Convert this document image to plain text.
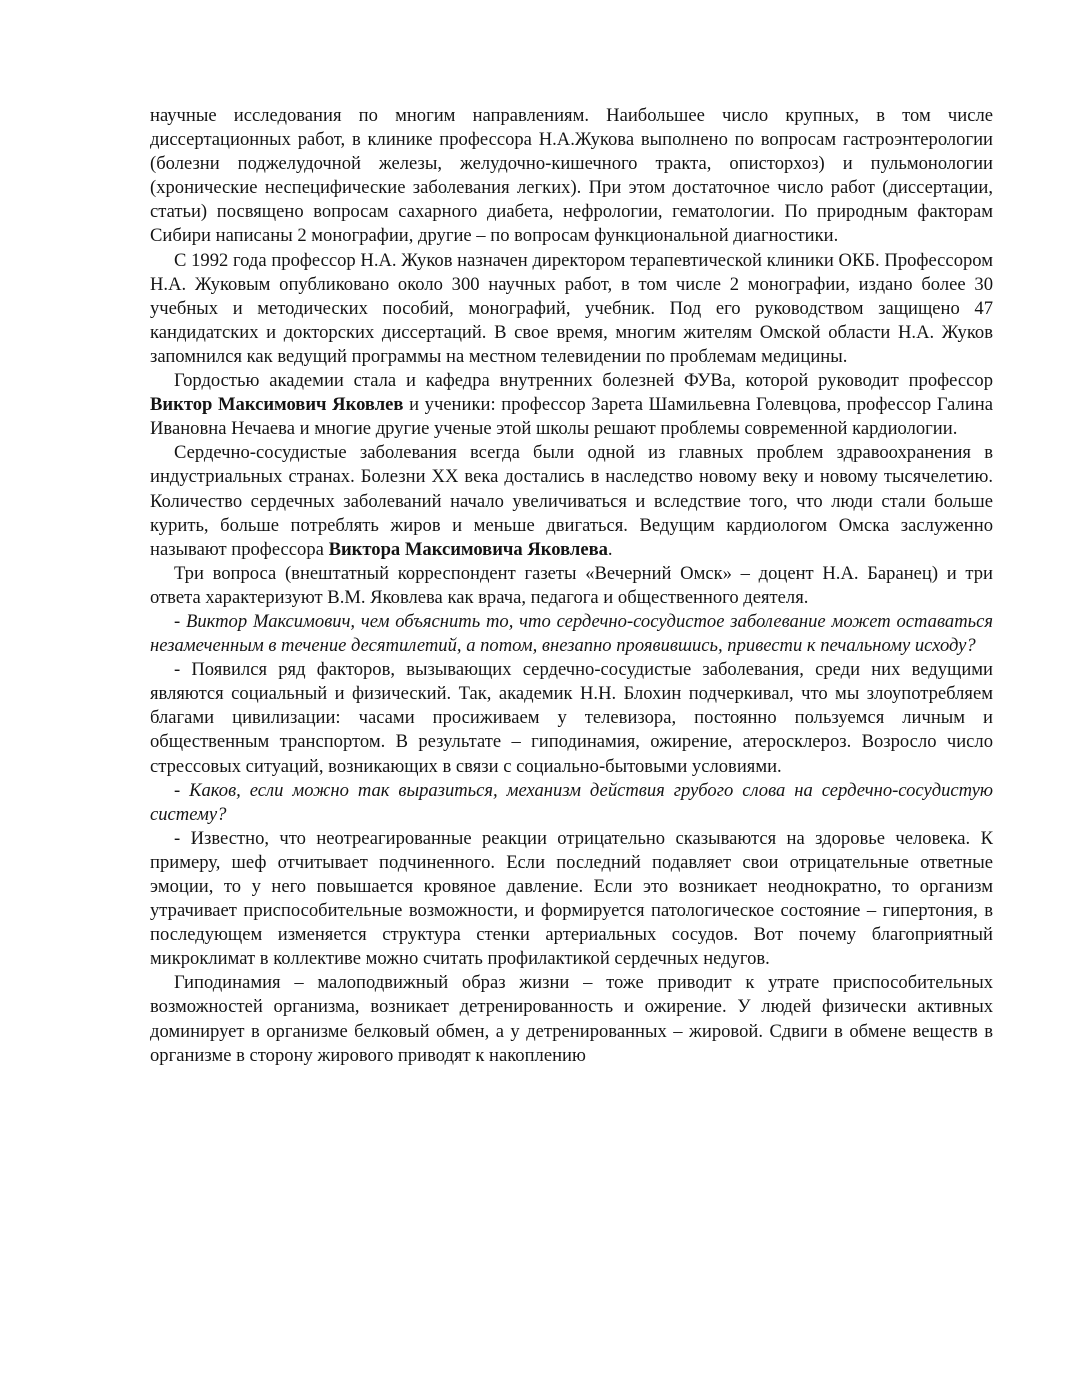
научные исследования по многим направлениям. Наибольшее число крупных, в том числе диссертационных работ, в клинике профессора Н.А.Жукова выполнено по вопросам гастроэнтерологии (болезни поджелудочной железы, желудочно-кишечного тракта, описторхоз) и пульмонологии (хронические неспецифические заболевания легких). При этом достаточное число работ (диссертации, статьи) посвящено вопросам сахарного диабета, нефрологии, гематологии. По природным факторам Сибири написаны 2 монографии, другие – по вопросам функциональной диагностики.

С 1992 года профессор Н.А. Жуков назначен директором терапевтической клиники ОКБ. Профессором Н.А. Жуковым опубликовано около 300 научных работ, в том числе 2 монографии, издано более 30 учебных и методических пособий, монографий, учебник. Под его руководством защищено 47 кандидатских и докторских диссертаций. В свое время, многим жителям Омской области Н.А. Жуков запомнился как ведущий программы на местном телевидении по проблемам медицины.

Гордостью академии стала и кафедра внутренних болезней ФУВа, которой руководит профессор Виктор Максимович Яковлев и ученики: профессор Зарета Шамильевна Голевцова, профессор Галина Ивановна Нечаева и многие другие ученые этой школы решают проблемы современной кардиологии.

Сердечно-сосудистые заболевания всегда были одной из главных проблем здравоохранения в индустриальных странах. Болезни XX века достались в наследство новому веку и новому тысячелетию. Количество сердечных заболеваний начало увеличиваться и вследствие того, что люди стали больше курить, больше потреблять жиров и меньше двигаться. Ведущим кардиологом Омска заслуженно называют профессора Виктора Максимовича Яковлева.

Три вопроса (внештатный корреспондент газеты «Вечерний Омск» – доцент Н.А. Баранец) и три ответа характеризуют В.М. Яковлева как врача, педагога и общественного деятеля.

- Виктор Максимович, чем объяснить то, что сердечно-сосудистое заболевание может оставаться незамеченным в течение десятилетий, а потом, внезапно проявившись, привести к печальному исходу?

- Появился ряд факторов, вызывающих сердечно-сосудистые заболевания, среди них ведущими являются социальный и физический. Так, академик Н.Н. Блохин подчеркивал, что мы злоупотребляем благами цивилизации: часами просиживаем у телевизора, постоянно пользуемся личным и общественным транспортом. В результате – гиподинамия, ожирение, атеросклероз. Возросло число стрессовых ситуаций, возникающих в связи с социально-бытовыми условиями.

- Каков, если можно так выразиться, механизм действия грубого слова на сердечно-сосудистую систему?

- Известно, что неотреагированные реакции отрицательно сказываются на здоровье человека. К примеру, шеф отчитывает подчиненного. Если последний подавляет свои отрицательные ответные эмоции, то у него повышается кровяное давление. Если это возникает неоднократно, то организм утрачивает приспособительные возможности, и формируется патологическое состояние – гипертония, в последующем изменяется структура стенки артериальных сосудов. Вот почему благоприятный микроклимат в коллективе можно считать профилактикой сердечных недугов.

Гиподинамия – малоподвижный образ жизни – тоже приводит к утрате приспособительных возможностей организма, возникает детренированность и ожирение. У людей физически активных доминирует в организме белковый обмен, а у детренированных – жировой. Сдвиги в обмене веществ в организме в сторону жирового приводят к накоплению
